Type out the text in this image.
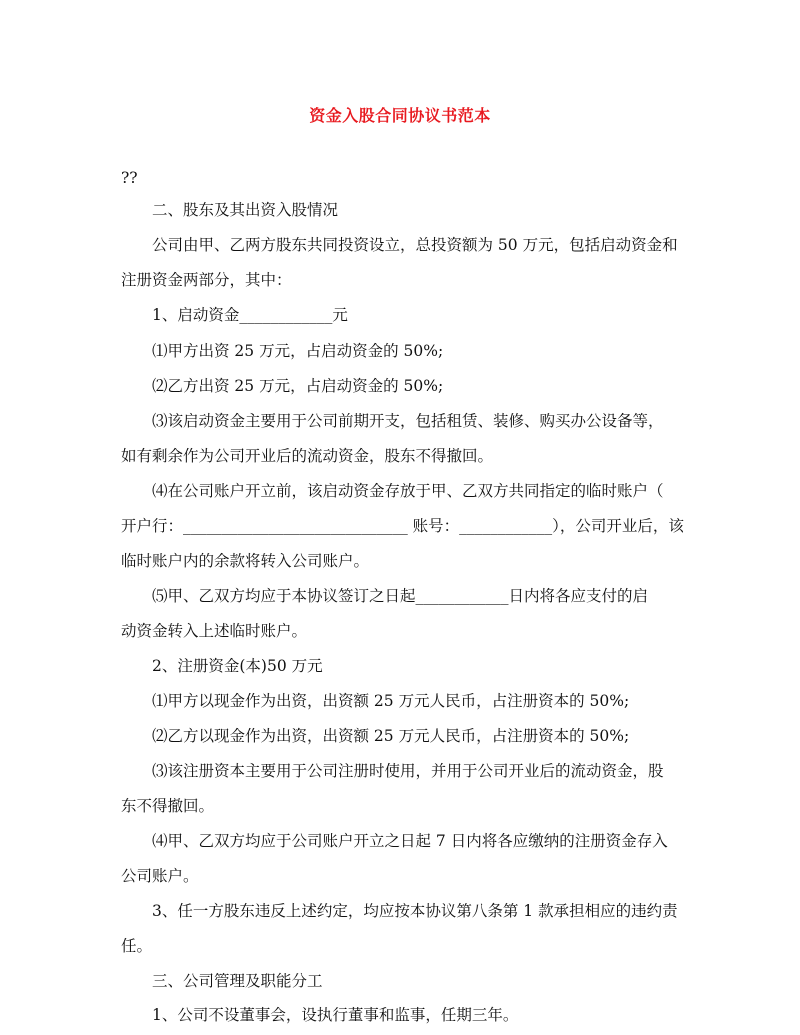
资金入股合同协议书范本
??
二、股东及其出资入股情况
公司由甲、乙两方股东共同投资设立，总投资额为 50 万元，包括启动资金和
注册资金两部分，其中：
1、启动资金____________元
⑴甲方出资 25 万元，占启动资金的 50%;
⑵乙方出资 25 万元，占启动资金的 50%;
⑶该启动资金主要用于公司前期开支，包括租赁、装修、购买办公设备等，
如有剩余作为公司开业后的流动资金，股东不得撤回。
⑷在公司账户开立前，该启动资金存放于甲、乙双方共同指定的临时账户（
开户行：_____________________________ 账号：____________），公司开业后，该
临时账户内的余款将转入公司账户。
⑸甲、乙双方均应于本协议签订之日起____________日内将各应支付的启
动资金转入上述临时账户。
2、注册资金(本)50 万元
⑴甲方以现金作为出资，出资额 25 万元人民币，占注册资本的 50%;
⑵乙方以现金作为出资，出资额 25 万元人民币，占注册资本的 50%;
⑶该注册资本主要用于公司注册时使用，并用于公司开业后的流动资金，股
东不得撤回。
⑷甲、乙双方均应于公司账户开立之日起 7 日内将各应缴纳的注册资金存入
公司账户。
3、任一方股东违反上述约定，均应按本协议第八条第 1 款承担相应的违约责
任。
三、公司管理及职能分工
1、公司不设董事会，设执行董事和监事，任期三年。
